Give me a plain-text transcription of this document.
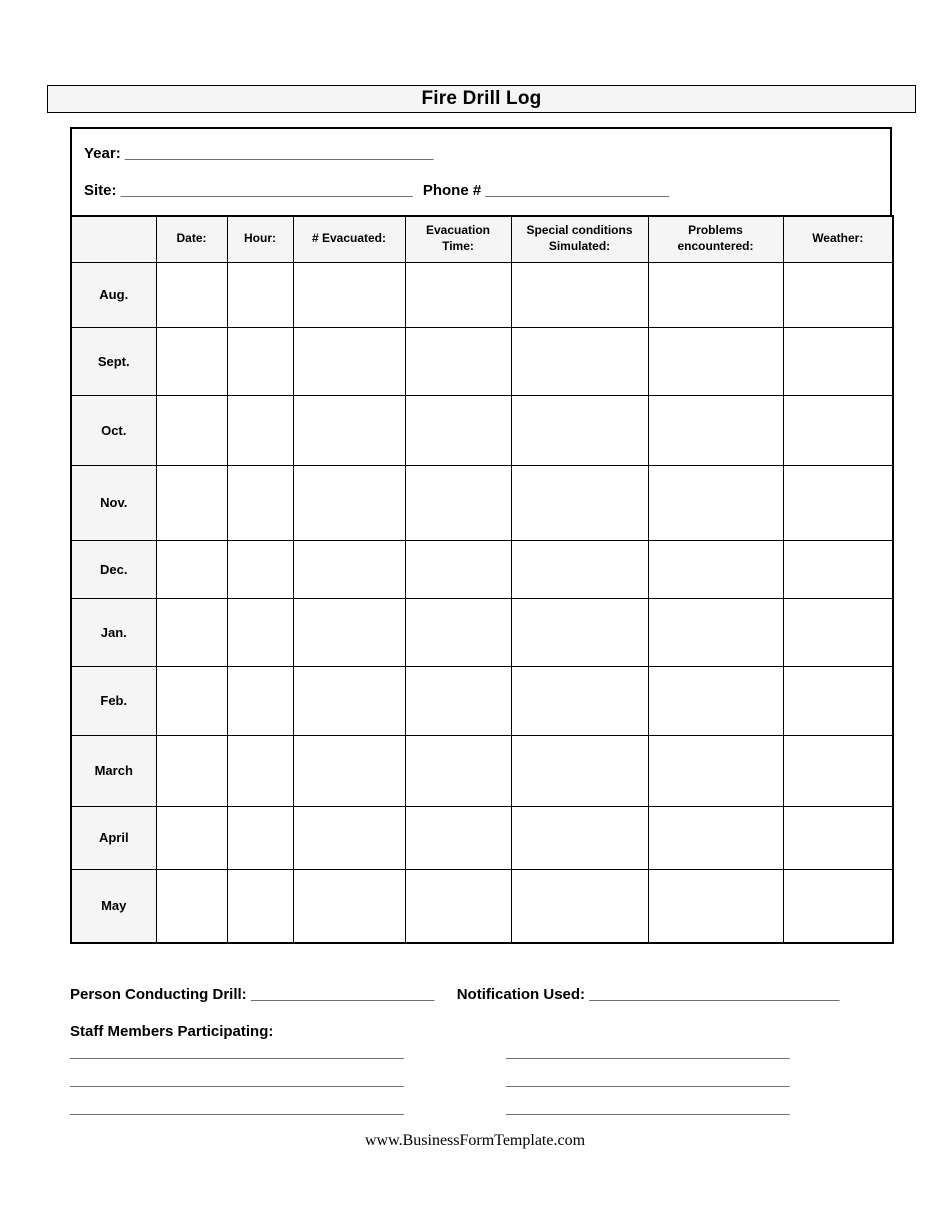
Fire Drill Log
Year: _____________________________________
Site: ___________________________________ Phone # ______________________
	Date:	Hour:	# Evacuated:	Evacuation Time:	Special conditions Simulated:	Problems encountered:	Weather:
Aug.							
Sept.							
Oct.							
Nov.							
Dec.							
Jan.							
Feb.							
March							
April							
May							
Person Conducting Drill: ______________________ Notification Used: ______________________________
Staff Members Participating:
________________________________________	__________________________________
________________________________________	__________________________________
________________________________________	__________________________________
www.BusinessFormTemplate.com
